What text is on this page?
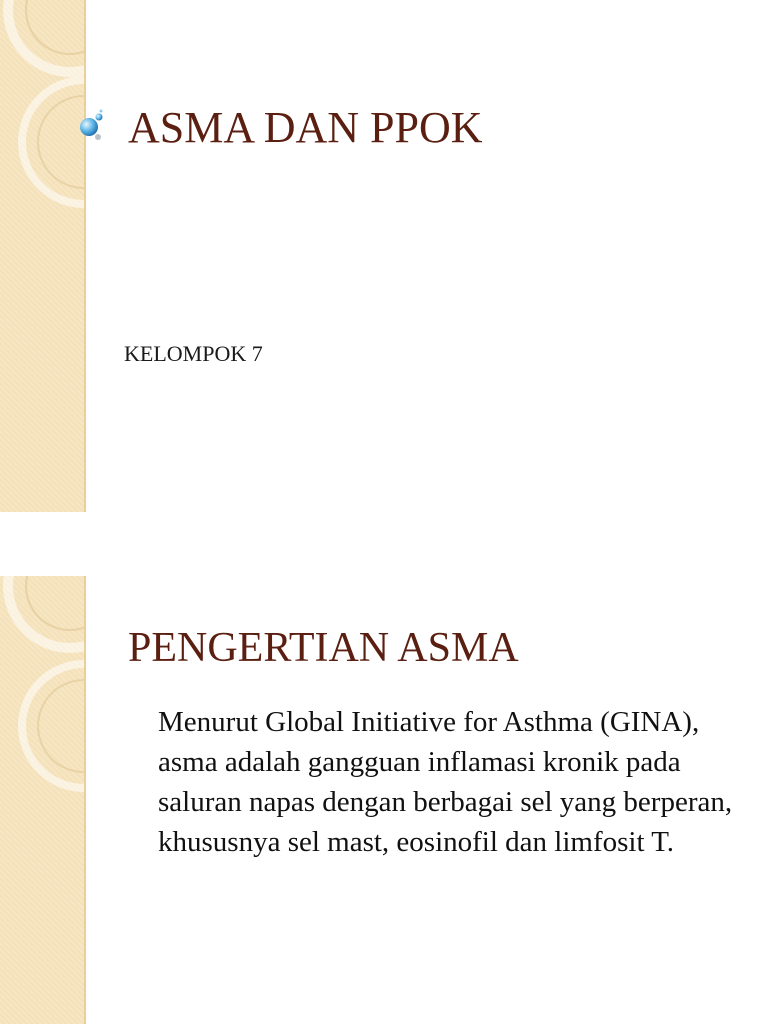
ASMA DAN PPOK

KELOMPOK 7

PENGERTIAN ASMA

Menurut Global Initiative for Asthma (GINA), asma adalah gangguan inflamasi kronik pada saluran napas dengan berbagai sel yang berperan, khususnya sel mast, eosinofil dan limfosit T.
